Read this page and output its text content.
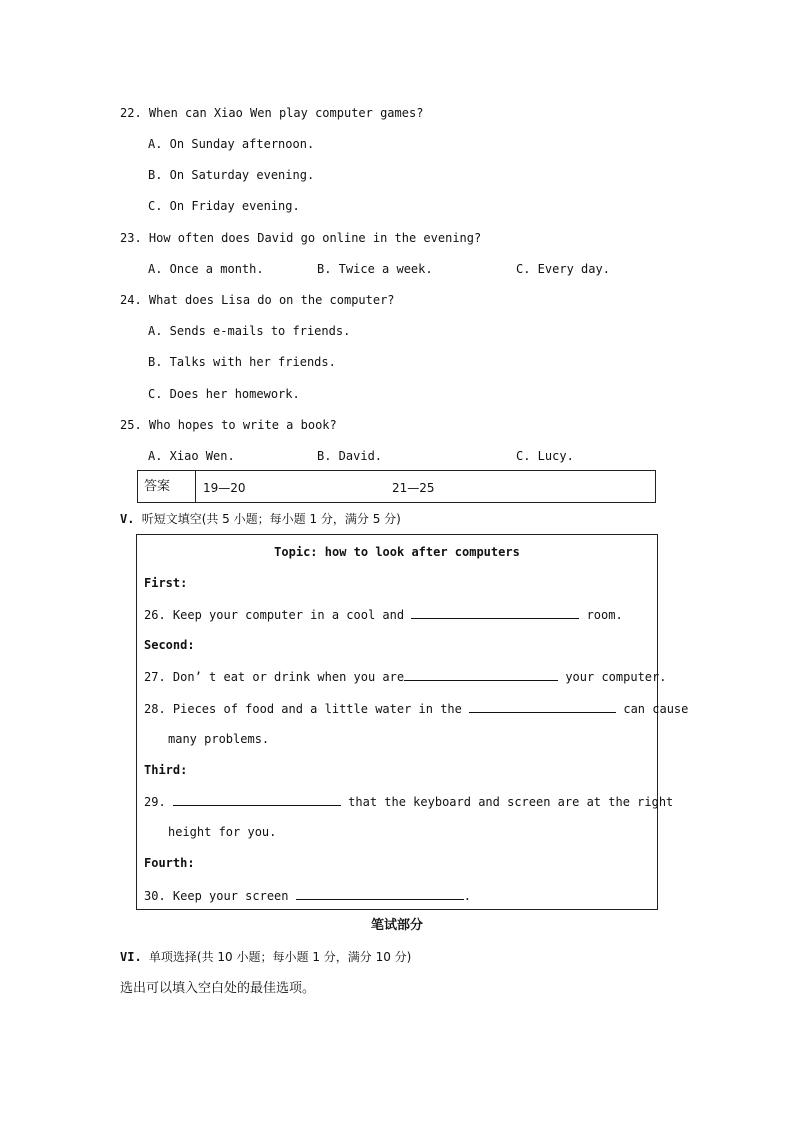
22. When can Xiao Wen play computer games?
A. On Sunday afternoon.
B. On Saturday evening.
C. On Friday evening.
23. How often does David go online in the evening?
A. Once a month.	B. Twice a week.	C. Every day.
24. What does Lisa do on the computer?
A. Sends e-mails to friends.
B. Talks with her friends.
C. Does her homework.
25. Who hopes to write a book?
A. Xiao Wen.	B. David.	C. Lucy.
答案	19—20	21—25
V. 听短文填空(共 5 小题；每小题 1 分，满分 5 分)
Topic: how to look after computers
First:
26. Keep your computer in a cool and	room.
Second:
27. Don’ t eat or drink when you are	your computer.
28. Pieces of food and a little water in the	can cause
many problems.
Third:
29.	that the keyboard and screen are at the right
height for you.
Fourth:
30. Keep your screen	.
笔试部分
VI. 单项选择(共 10 小题；每小题 1 分，满分 10 分)
选出可以填入空白处的最佳选项。
